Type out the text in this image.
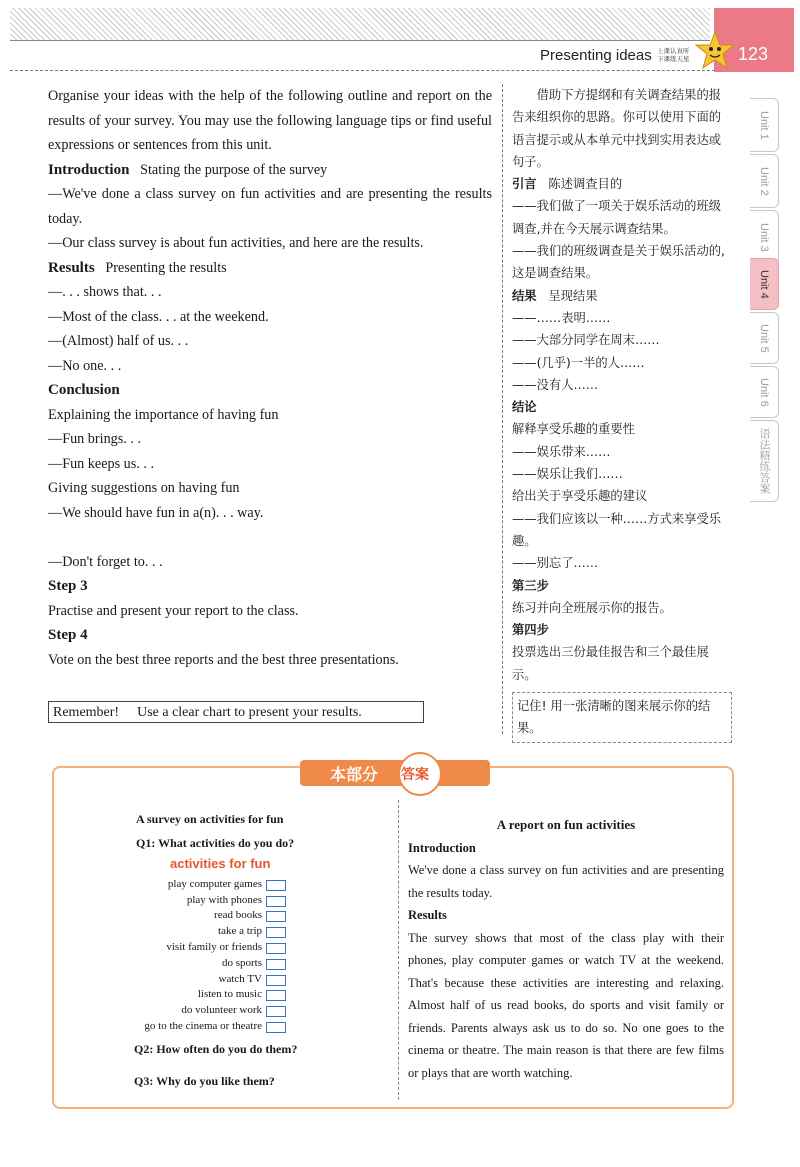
Presenting ideas 上课认真听 下课练天星	123
Unit 1
Unit 2
Unit 3
Unit 4
Unit 5
Unit 6
语法精练答案

Organise your ideas with the help of the following outline and report on the results of your survey. You may use the following language tips or find useful expressions or sentences from this unit.

Introduction Stating the purpose of the survey

—We've done a class survey on fun activities and are presenting the results today.

—Our class survey is about fun activities, and here are the results.

Results Presenting the results

—. . . shows that. . .

—Most of the class. . . at the weekend.

—(Almost) half of us. . .

—No one. . .

Conclusion

Explaining the importance of having fun

—Fun brings. . .

—Fun keeps us. . .

Giving suggestions on having fun

—We should have fun in a(n). . . way.

—Don't forget to. . .

Step 3

Practise and present your report to the class.

Step 4

Vote on the best three reports and the best three presentations.

Remember! Use a clear chart to present your results.

借助下方提纲和有关调查结果的报告来组织你的思路。你可以使用下面的语言提示或从本单元中找到实用表达或句子。

引言 陈述调查目的

——我们做了一项关于娱乐活动的班级调查,并在今天展示调查结果。

——我们的班级调查是关于娱乐活动的,这是调查结果。

结果 呈现结果

——……表明……

——大部分同学在周末……

——(几乎)一半的人……

——没有人……

结论

解释享受乐趣的重要性

——娱乐带来……

——娱乐让我们……

给出关于享受乐趣的建议

——我们应该以一种……方式来享受乐趣。

——别忘了……

第三步

练习并向全班展示你的报告。

第四步

投票选出三份最佳报告和三个最佳展示。

记住! 用一张清晰的图来展示你的结果。

本部分 答案
A survey on activities for fun
Q1: What activities do you do?
activities for fun
play computer games
play with phones
read books
take a trip
visit family or friends
do sports
watch TV
listen to music
do volunteer work
go to the cinema or theatre
Q2: How often do you do them?
Q3: Why do you like them?

A report on fun activities

Introduction

We've done a class survey on fun activities and are presenting the results today.

Results

The survey shows that most of the class play with their phones, play computer games or watch TV at the weekend. That's because these activities are interesting and relaxing. Almost half of us read books, do sports and visit family or friends. Parents always ask us to do so. No one goes to the cinema or theatre. The main reason is that there are few films or plays that are worth watching.
